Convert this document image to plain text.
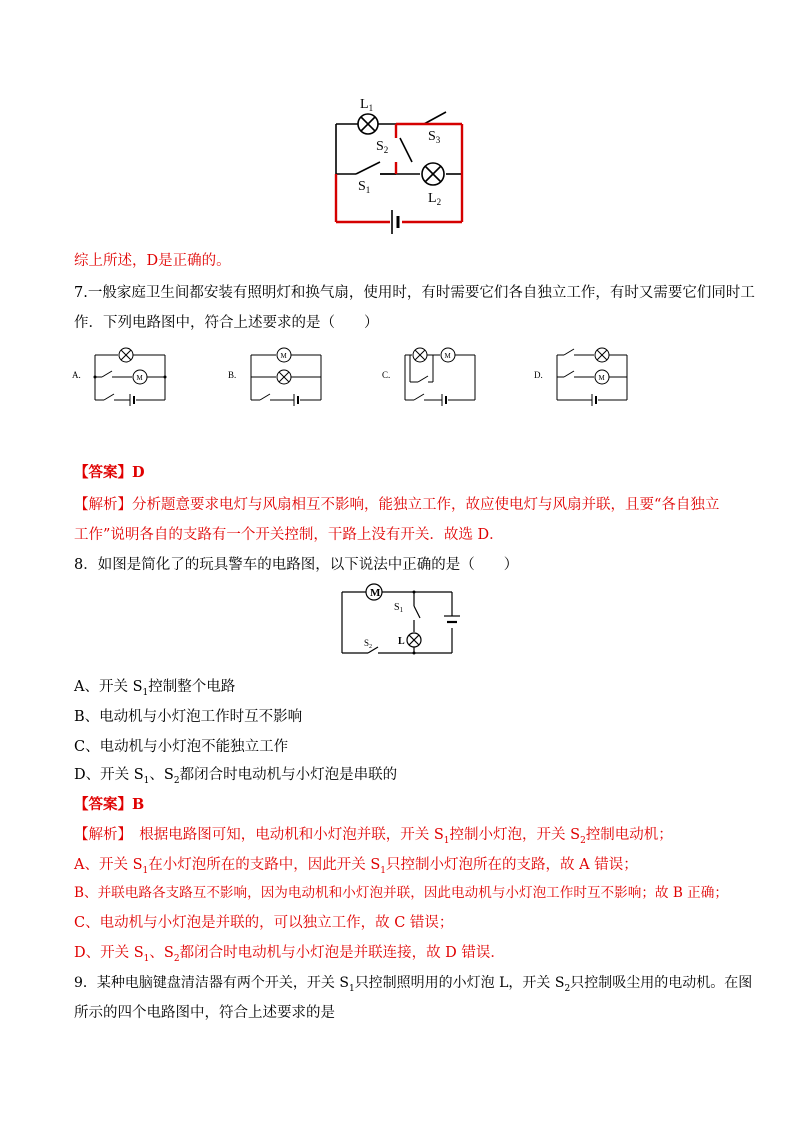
$L_1$
$S_3$
$S_2$
$S_1$
$L_2$
综上所述，D是正确的。
7.一般家庭卫生间都安装有照明灯和换气扇，使用时，有时需要它们各自独立工作，有时又需要它们同时工
作．下列电路图中，符合上述要求的是（　　）
A.	M	B.
M
C.
M
D.	M
【答案】D
【解析】分析题意要求电灯与风扇相互不影响，能独立工作，故应使电灯与风扇并联，且要“各自独立
工作”说明各自的支路有一个开关控制，干路上没有开关．故选 D．
8．如图是简化了的玩具警车的电路图，以下说法中正确的是（　　）
M
$S_1$
L
$S_2$
A、开关 $S_1$控制整个电路
B、电动机与小灯泡工作时互不影响
C、电动机与小灯泡不能独立工作
D、开关 $S_1$、$S_2$都闭合时电动机与小灯泡是串联的
【答案】B
【解析】　根据电路图可知，电动机和小灯泡并联，开关 $S_1$控制小灯泡，开关 $S_2$控制电动机；
A、开关 $S_1$在小灯泡所在的支路中，因此开关 $S_1$只控制小灯泡所在的支路，故 A 错误；
B、并联电路各支路互不影响，因为电动机和小灯泡并联，因此电动机与小灯泡工作时互不影响；故 B 正确；
C、电动机与小灯泡是并联的，可以独立工作，故 C 错误；
D、开关 $S_1$、$S_2$都闭合时电动机与小灯泡是并联连接，故 D 错误．
9．某种电脑键盘清洁器有两个开关，开关 $S_1$只控制照明用的小灯泡 L，开关 $S_2$只控制吸尘用的电动机。在图
所示的四个电路图中，符合上述要求的是
